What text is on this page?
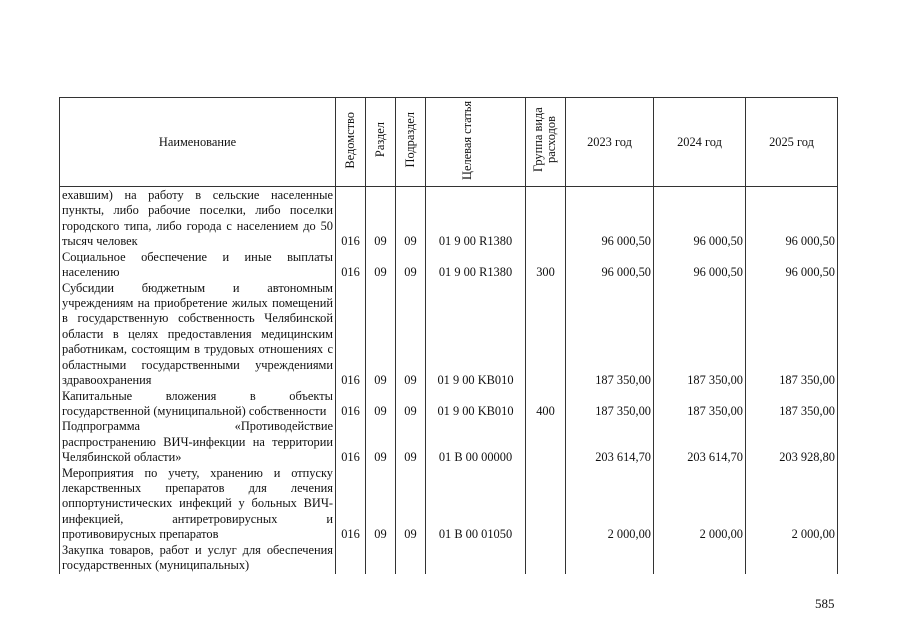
Наименование	Ведомство	Раздел	Подраздел	Целевая статья	Группа вида расходов	2023 год	2024 год	2025 год
ехавшим) на работу в сельские населенные пункты, либо рабочие поселки, либо поселки городского типа, либо города с населением до 50 тысяч человек	016	09	09	01 9 00 R1380		96 000,50	96 000,50	96 000,50
Социальное обеспечение и иные выплаты населению	016	09	09	01 9 00 R1380	300	96 000,50	96 000,50	96 000,50
Субсидии бюджетным и автономным учреждениям на приобретение жилых помещений в государственную собственность Челябинской области в целях предоставления медицинским работникам, состоящим в трудовых отношениях с областными государственными учреждениями здравоохранения	016	09	09	01 9 00 KB010		187 350,00	187 350,00	187 350,00
Капитальные вложения в объекты государственной (муниципальной) собственности	016	09	09	01 9 00 KB010	400	187 350,00	187 350,00	187 350,00
Подпрограмма «Противодействие распространению ВИЧ-инфекции на территории Челябинской области»	016	09	09	01 В 00 00000		203 614,70	203 614,70	203 928,80
Мероприятия по учету, хранению и отпуску лекарственных препаратов для лечения оппортунистических инфекций у больных ВИЧ-инфекцией, антиретровирусных и противовирусных препаратов	016	09	09	01 В 00 01050		2 000,00	2 000,00	2 000,00
Закупка товаров, работ и услуг для обеспечения государственных (муниципальных)								
585
